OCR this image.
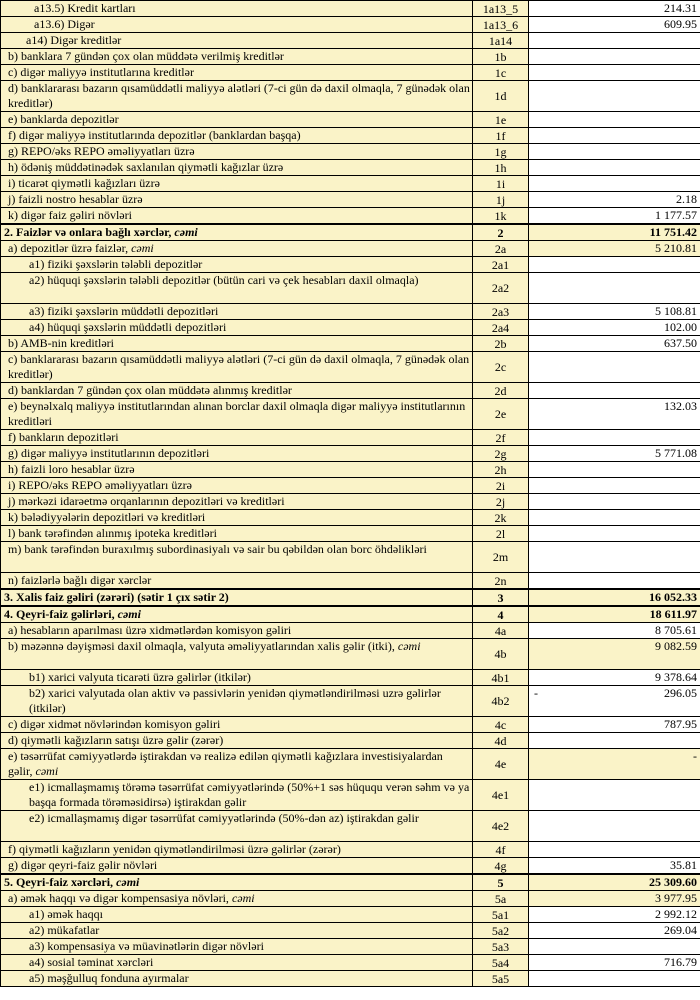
a13.5) Kredit kartları	1a13_5	214.31
a13.6) Digər	1a13_6	609.95
a14) Digər kreditlər	1a14	

b) banklara 7 gündən çox olan müddətə verilmiş kreditlər	1b	

c) digər maliyyə institutlarına kreditlər	1c	

d) banklararası bazarın qısamüddətli maliyyə alətləri (7-ci gün də daxil olmaqla, 7 günədək olan kreditlər)	1d	

e) banklarda depozitlər	1e	

f) digər maliyyə institutlarında depozitlər (banklardan başqa)	1f	

g) REPO/əks REPO əməliyyatları üzrə	1g	

h) ödəniş müddətinədək saxlanılan qiymətli kağızlar üzrə	1h	

i) ticarət qiymətli kağızları üzrə	1i	

j) faizli nostro hesablar üzrə	1j	2.18
k) digər faiz gəliri növləri	1k	1 177.57
2. Faizlər və onlara bağlı xərclər, cəmi	2	11 751.42
a) depozitlər üzrə faizlər, cəmi	2a	5 210.81
a1) fiziki şəxslərin tələbli depozitlər	2a1	

a2) hüquqi şəxslərin tələbli depozitlər (bütün cari və çek hesabları daxil olmaqla)	2a2	

a3) fiziki şəxslərin müddətli depozitləri	2a3	5 108.81
a4) hüquqi şəxslərin müddətli depozitləri	2a4	102.00
b) AMB-nin kreditləri	2b	637.50
c) banklararası bazarın qısamüddətli maliyyə alətləri (7-ci gün də daxil olmaqla, 7 günədək olan kreditlər)	2c	

d) banklardan 7 gündən çox olan müddətə alınmış kreditlər	2d	

e) beynəlxalq maliyyə institutlarından alınan borclar daxil olmaqla digər maliyyə institutlarının kreditləri	2e	132.03
f) bankların depozitləri	2f	

g) digər maliyyə institutlarının depozitləri	2g	5 771.08
h) faizli loro hesablar üzrə	2h	

i) REPO/əks REPO əməliyyatları üzrə	2i	

j) mərkəzi idarəetmə orqanlarının depozitləri və kreditləri	2j	

k) bələdiyyələrin depozitləri və kreditləri	2k	

l) bank tərəfindən alınmış ipoteka kreditləri	2l	

m) bank tərəfindən buraxılmış subordinasiyalı və sair bu qəbildən olan borc öhdəlikləri	2m	

n) faizlərlə bağlı digər xərclər	2n	

3. Xalis faiz gəliri (zərəri) (sətir 1 çıx sətir 2)	3	16 052.33
4. Qeyri-faiz gəlirləri, cəmi	4	18 611.97
a) hesabların aparılması üzrə xidmətlərdən komisyon gəliri	4a	8 705.61
b) məzənnə dəyişməsi daxil olmaqla, valyuta əməliyyatlarından xalis gəlir (itki), cəmi	4b	9 082.59
b1) xarici valyuta ticarəti üzrə gəlirlər (itkilər)	4b1	9 378.64
b2) xarici valyutada olan aktiv və passivlərin yenidən qiymətləndirilməsi uzrə gəlirlər (itkilər)	4b2	- 296.05
c) digər xidmət növlərindən komisyon gəliri	4c	787.95
d) qiymətli kağızların satışı üzrə gəlir (zərər)	4d	

e) təsərrüfat cəmiyyətlərdə iştirakdan və realizə edilən qiymətli kağızlara investisiyalardan gəlir, cəmi	4e	-
e1) icmallaşmamış törəmə təsərrüfat cəmiyyətlərində (50%+1 səs hüququ verən səhm və ya başqa formada törəməsidirsə) iştirakdan gəlir	4e1	

e2) icmallaşmamış digər təsərrüfat cəmiyyətlərində (50%-dən az) iştirakdan gəlir	4e2	

f) qiymətli kağızların yenidən qiymətləndirilməsi üzrə gəlirlər (zərər)	4f	

g) digər qeyri-faiz gəlir növləri	4g	35.81
5. Qeyri-faiz xərcləri, cəmi	5	25 309.60
a) əmək haqqı və digər kompensasiya növləri, cəmi	5a	3 977.95
a1) əmək haqqı	5a1	2 992.12
a2) mükafatlar	5a2	269.04
a3) kompensasiya və müavinətlərin digər növləri	5a3	

a4) sosial təminat xərcləri	5a4	716.79
a5) məşğulluq fonduna ayırmalar	5a5	
